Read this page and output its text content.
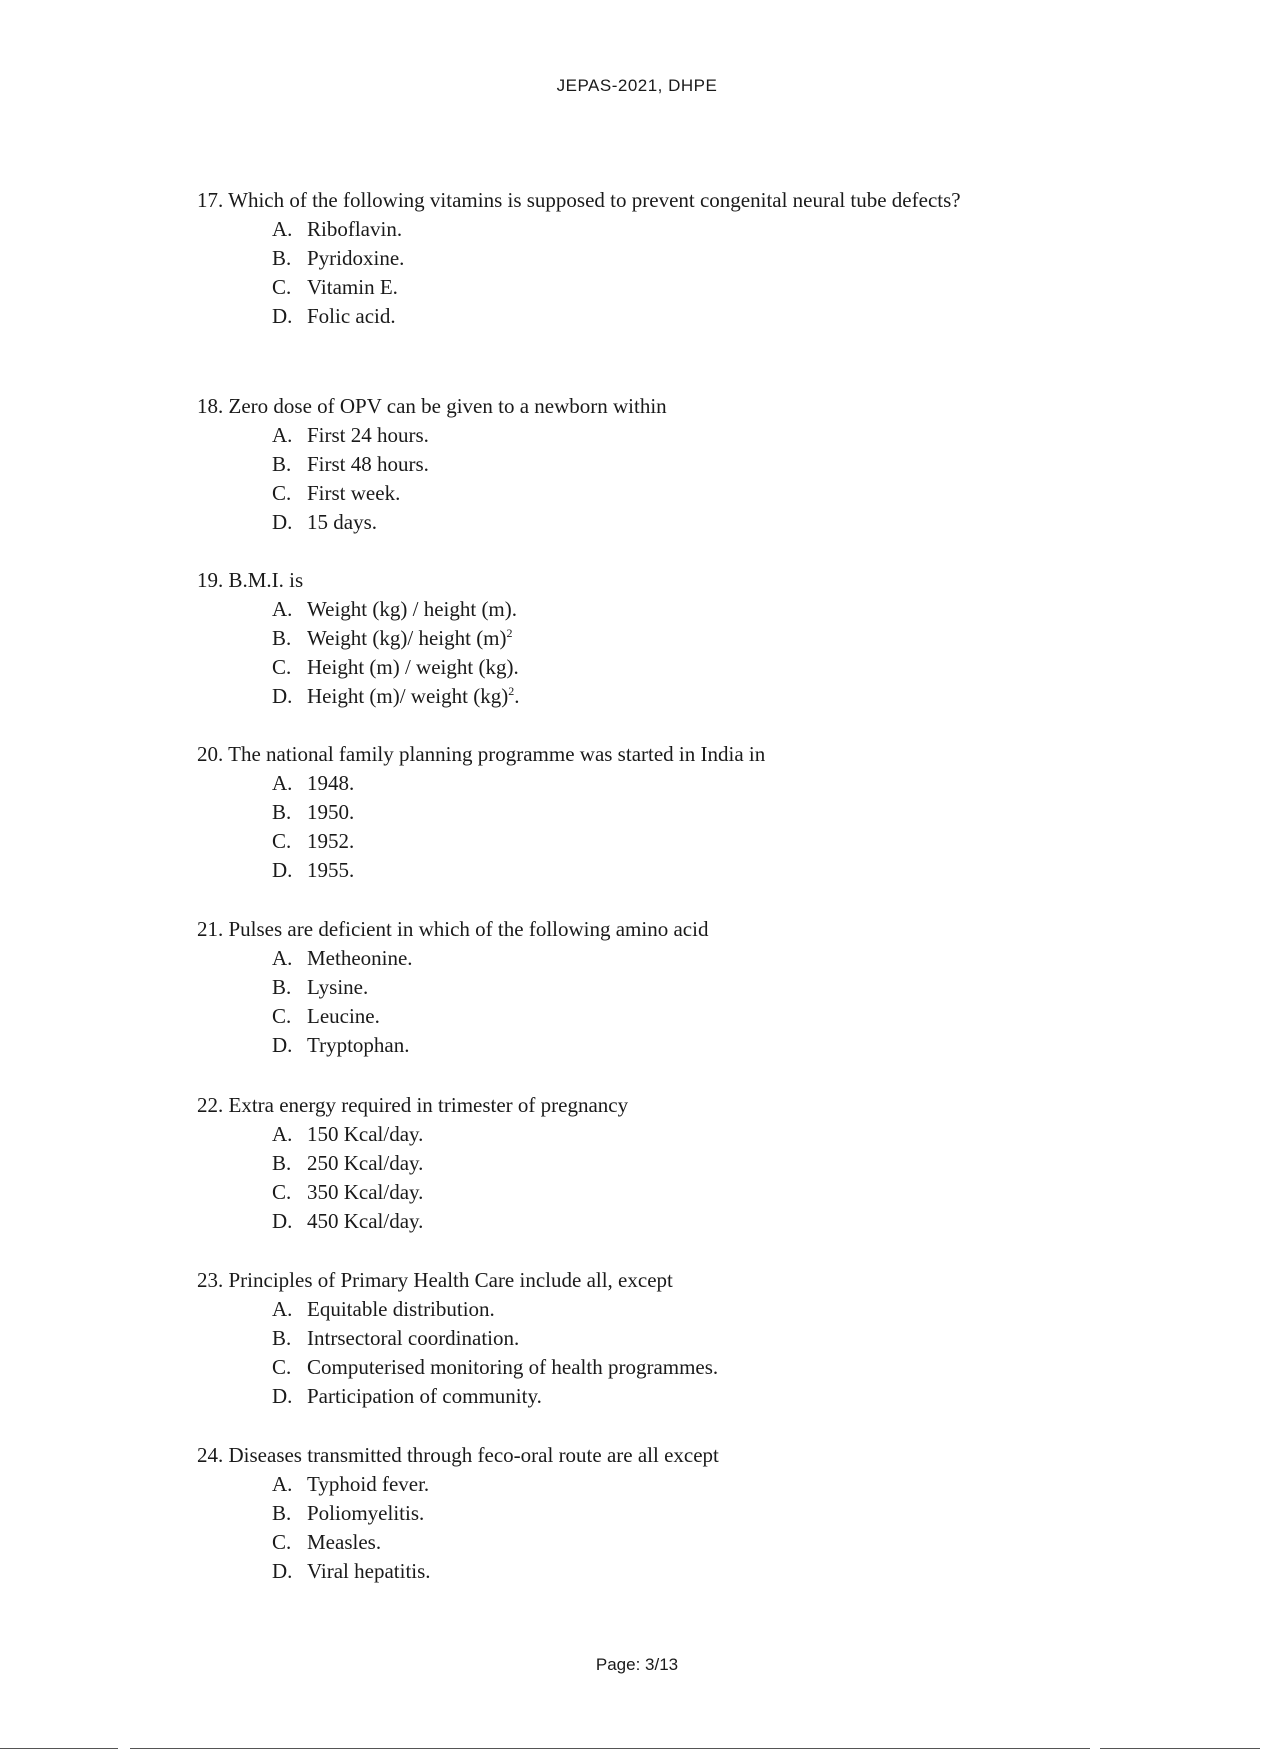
JEPAS-2021, DHPE
17. Which of the following vitamins is supposed to prevent congenital neural tube defects?
A. Riboflavin.
B. Pyridoxine.
C. Vitamin E.
D. Folic acid.
18. Zero dose of OPV can be given to a newborn within
A. First 24 hours.
B. First 48 hours.
C. First week.
D. 15 days.
19. B.M.I. is
A. Weight (kg) / height (m).
B. Weight (kg)/ height $(m)^2$
C. Height (m) / weight (kg).
D. Height (m)/ weight (kg)$^2$.
20. The national family planning programme was started in India in
A. 1948.
B. 1950.
C. 1952.
D. 1955.
21. Pulses are deficient in which of the following amino acid
A. Metheonine.
B. Lysine.
C. Leucine.
D. Tryptophan.
22. Extra energy required in trimester of pregnancy
A. 150 Kcal/day.
B. 250 Kcal/day.
C. 350 Kcal/day.
D. 450 Kcal/day.
23. Principles of Primary Health Care include all, except
A. Equitable distribution.
B. Intrsectoral coordination.
C. Computerised monitoring of health programmes.
D. Participation of community.
24. Diseases transmitted through feco-oral route are all except
A. Typhoid fever.
B. Poliomyelitis.
C. Measles.
D. Viral hepatitis.
Page: 3/13
